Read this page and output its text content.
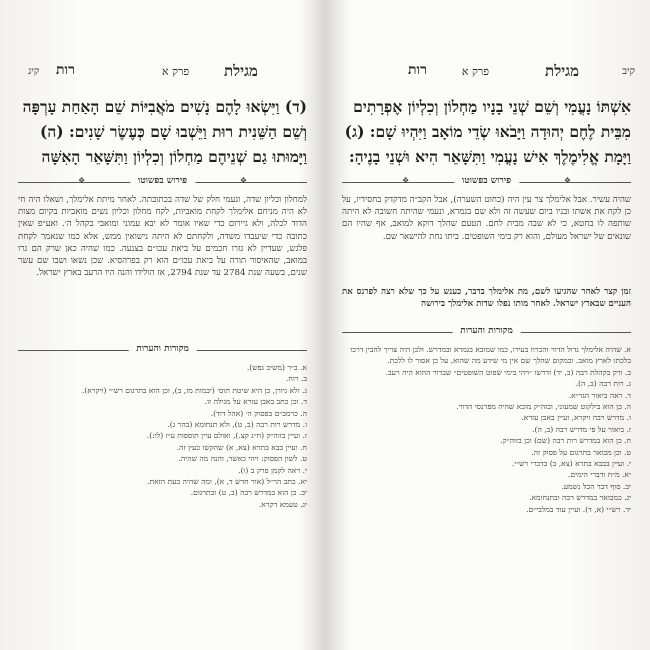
קיג רות	פרק א מגילת

(ד) וַיִּשְׂאוּ לָהֶם נָשִׁים מֹאֲבִיּוֹת שֵׁם הָאַחַת עָרְפָּה

וְשֵׁם הַשֵּׁנִית רוּת וַיֵּשְׁבוּ שָׁם כְּעֶשֶׂר שָׁנִים: (ה)

וַיָּמוּתוּ גַם שְׁנֵיהֶם מַחְלוֹן וְכִלְיוֹן וַתִּשָּׁאֵר הָאִשָּׁה

❖
פירוש בפשוטו
❖
למחלון וכליון שדה, ונעמי חלק של שדה בכתובתה. לאחר מיתת אלימלך, ושאלו היה חי לא היה מניחם אלימלך לקחת מואביות, לקח מחלון וכליון נשים מואביות בקיום מצות הדוד לכלה, ולא גיירום כדי שאיו אומר לא יבא עמוני ומואבי בקהל ה׳. ואע״פ שאין כתובה כדי שיעבדו משדה, ולקחתם לא היתה נישואין ממש, אלא כמו שנאמר לקחת פלגש, שעדיין לא גזרו חכמים על ביאת עכו״ם בצנעה. כמו שהיה כאן שרק הם גרו במואב, שהאיסור תורה על ביאת עכו״ם הוא רק בפרהסיא. שכן נשאו ושבו שם עשר שנים, בשעה שנת 2784 עד שנת 2794, אז הולידו והנה היו הרעב בארץ ישראל.
מקורות והערות
א. ב״ר (משיב נפש).
ב. רוח.
ג. ולא גיורן, כן היא שיטת תוס׳ (יבמות מז, ב), וכן הוא בתרגום רש״י (ויקרא).
ד. וכן כתב באבן עזרא על מגילה זו.
ה. כרמב״ם בפסוק ה׳ (אהל דוד).
ו. מדרש רות רבה (ב, ט), ולא תנחומא (בהר ג).
ז. ועיין בזוה״ק (ח״ג קצ.), ואולם עיין תוספות ע״ז (לו:).
ח. ועיין בבא בתרא (צא, א) שהקשו כעין זה.
ט. לשון הפסוק: ויהי כאשר, והנה מה שהיה.
י. ראה לקמן פרק ב (ו).
יא. כתב הר״ל (אור חדש ד, א), ומה שהיה בעת הזאת.
יב. כן הוא במדרש רבה (ב, ט) ובתרגום.
יג. טעמא דקרא.
קיב
מגילת
פרק א
רות

אִשְׁתּוֹ נָעֳמִי וְשֵׁם שְׁנֵי בָנָיו מַחְלוֹן וְכִלְיוֹן אֶפְרָתִים

מִבֵּית לֶחֶם יְהוּדָה וַיָּבֹאוּ שְׂדֵי מוֹאָב וַיִּהְיוּ שָׁם: (ג)

וַיָּמָת אֱלִימֶלֶךְ אִישׁ נָעֳמִי וַתִּשָּׁאֵר הִיא וּשְׁנֵי בָנֶיהָ:

❖
פירוש בפשוטו
❖
שהיה עשיר. אבל אלימלך צר עין היה (כחוט השערה), אבל הקב״ה מדקדק בחסידיו, על כן לקח את אשתו ובניו ביום שעשה זה ולא שם בגמרא, ונעמי שהיתה חשובה לא היתה שותפה לו בחטא, כי לא שבה מבית לחם. הטעם שהלך דוקא למואב, אף שהיו הם שונאים של ישראל מעולם, והוא רק בימי השופטים. ביתו נחת להישאר שם.
זמן קצר לאחר שהגיעו לשם, מת אלימלך בדבר, כענש על כך שלא רצה לפרנס את העניים שבארץ ישראל. לאחר מותו נפלו שדות אלימלך בירושה
מקורות והערות
א. שהיה אלימלך גדול הדור והכרוז בעירו, כמו שמובא בגמרא ובמדרש. ולכן היה צריך להבין דרכו בלכתו לארץ מואב. ובמקום שהלך שם אין מי שידע מה שהוא, על כן אסור לו ללכת.
ב. ורק בקהלת רבה (ב, יד) ודרשו ״ויהי בימי שפוט השופטים״ שבדור ההוא היה רעב.
ג. רות רבה (ב, ה).
ד. ראה ביאור הגר״א.
ה. כן הוא בילקוט שמעוני, ובזה״ק מובא שהיה מפרנסי הדור.
ו. מדרש רבה ויקרא, ועיין באבן עזרא.
ז. ביאור על פי מדרש רבה (ב, ה).
ח. כן הוא במדרש רות רבה (שם) וכן בזוה״ק.
ט. וכן מבואר בתרגום על פסוק זה.
י. ועיין בבבא בתרא (צא, ב) בדברי רש״י.
יא. מ״ח ודברי הימים.
יב. סוף דבר הכל נשמע.
יג. כמבואר במדרש רבה ובתנחומא.
יד. רש״י (א, ד). ועיין עוד במלבי״ם.
